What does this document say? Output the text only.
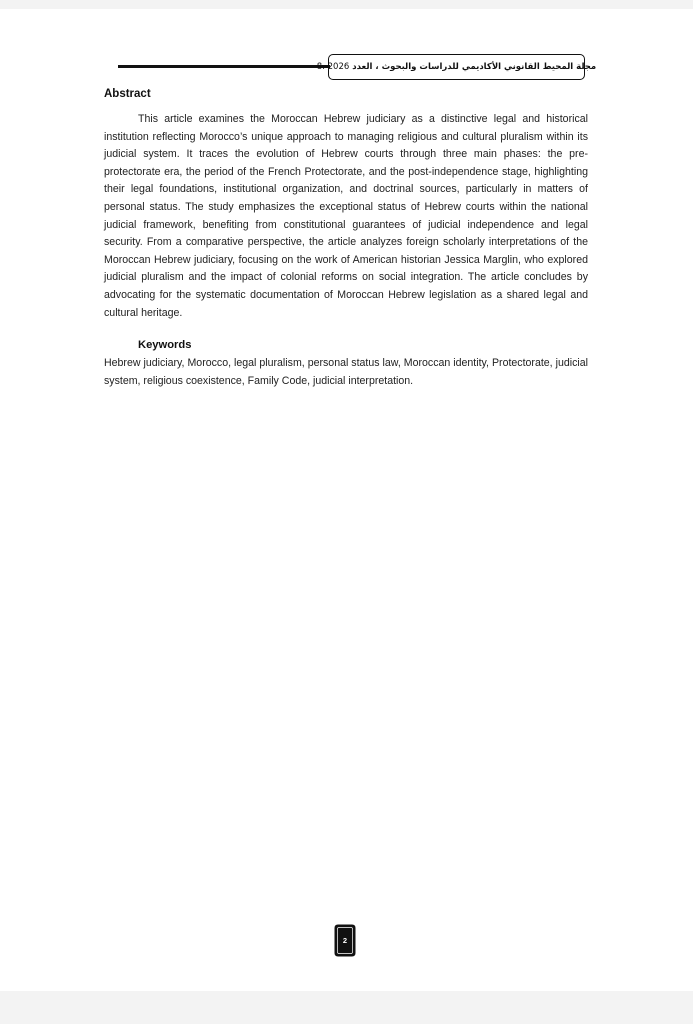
مجلة المحيط القانوني الأكاديمي للدراسات والبحوث ، العدد

8، 2026
Abstract

This article examines the Moroccan Hebrew judiciary as a distinctive legal and historical institution reflecting Morocco’s unique approach to managing religious and cultural pluralism within its judicial system. It traces the evolution of Hebrew courts through three main phases: the pre-protectorate era, the period of the French Protectorate, and the post-independence stage, highlighting their legal foundations, institutional organization, and doctrinal sources, particularly in matters of personal status. The study emphasizes the exceptional status of Hebrew courts within the national judicial framework, benefiting from constitutional guarantees of judicial independence and legal security. From a comparative perspective, the article analyzes foreign scholarly interpretations of the Moroccan Hebrew judiciary, focusing on the work of American historian Jessica Marglin, who explored judicial pluralism and the impact of colonial reforms on social integration. The article concludes by advocating for the systematic documentation of Moroccan Hebrew legislation as a shared legal and cultural heritage.

Keywords

Hebrew judiciary, Morocco, legal pluralism, personal status law, Moroccan identity, Protectorate, judicial system, religious coexistence, Family Code, judicial interpretation.

2
